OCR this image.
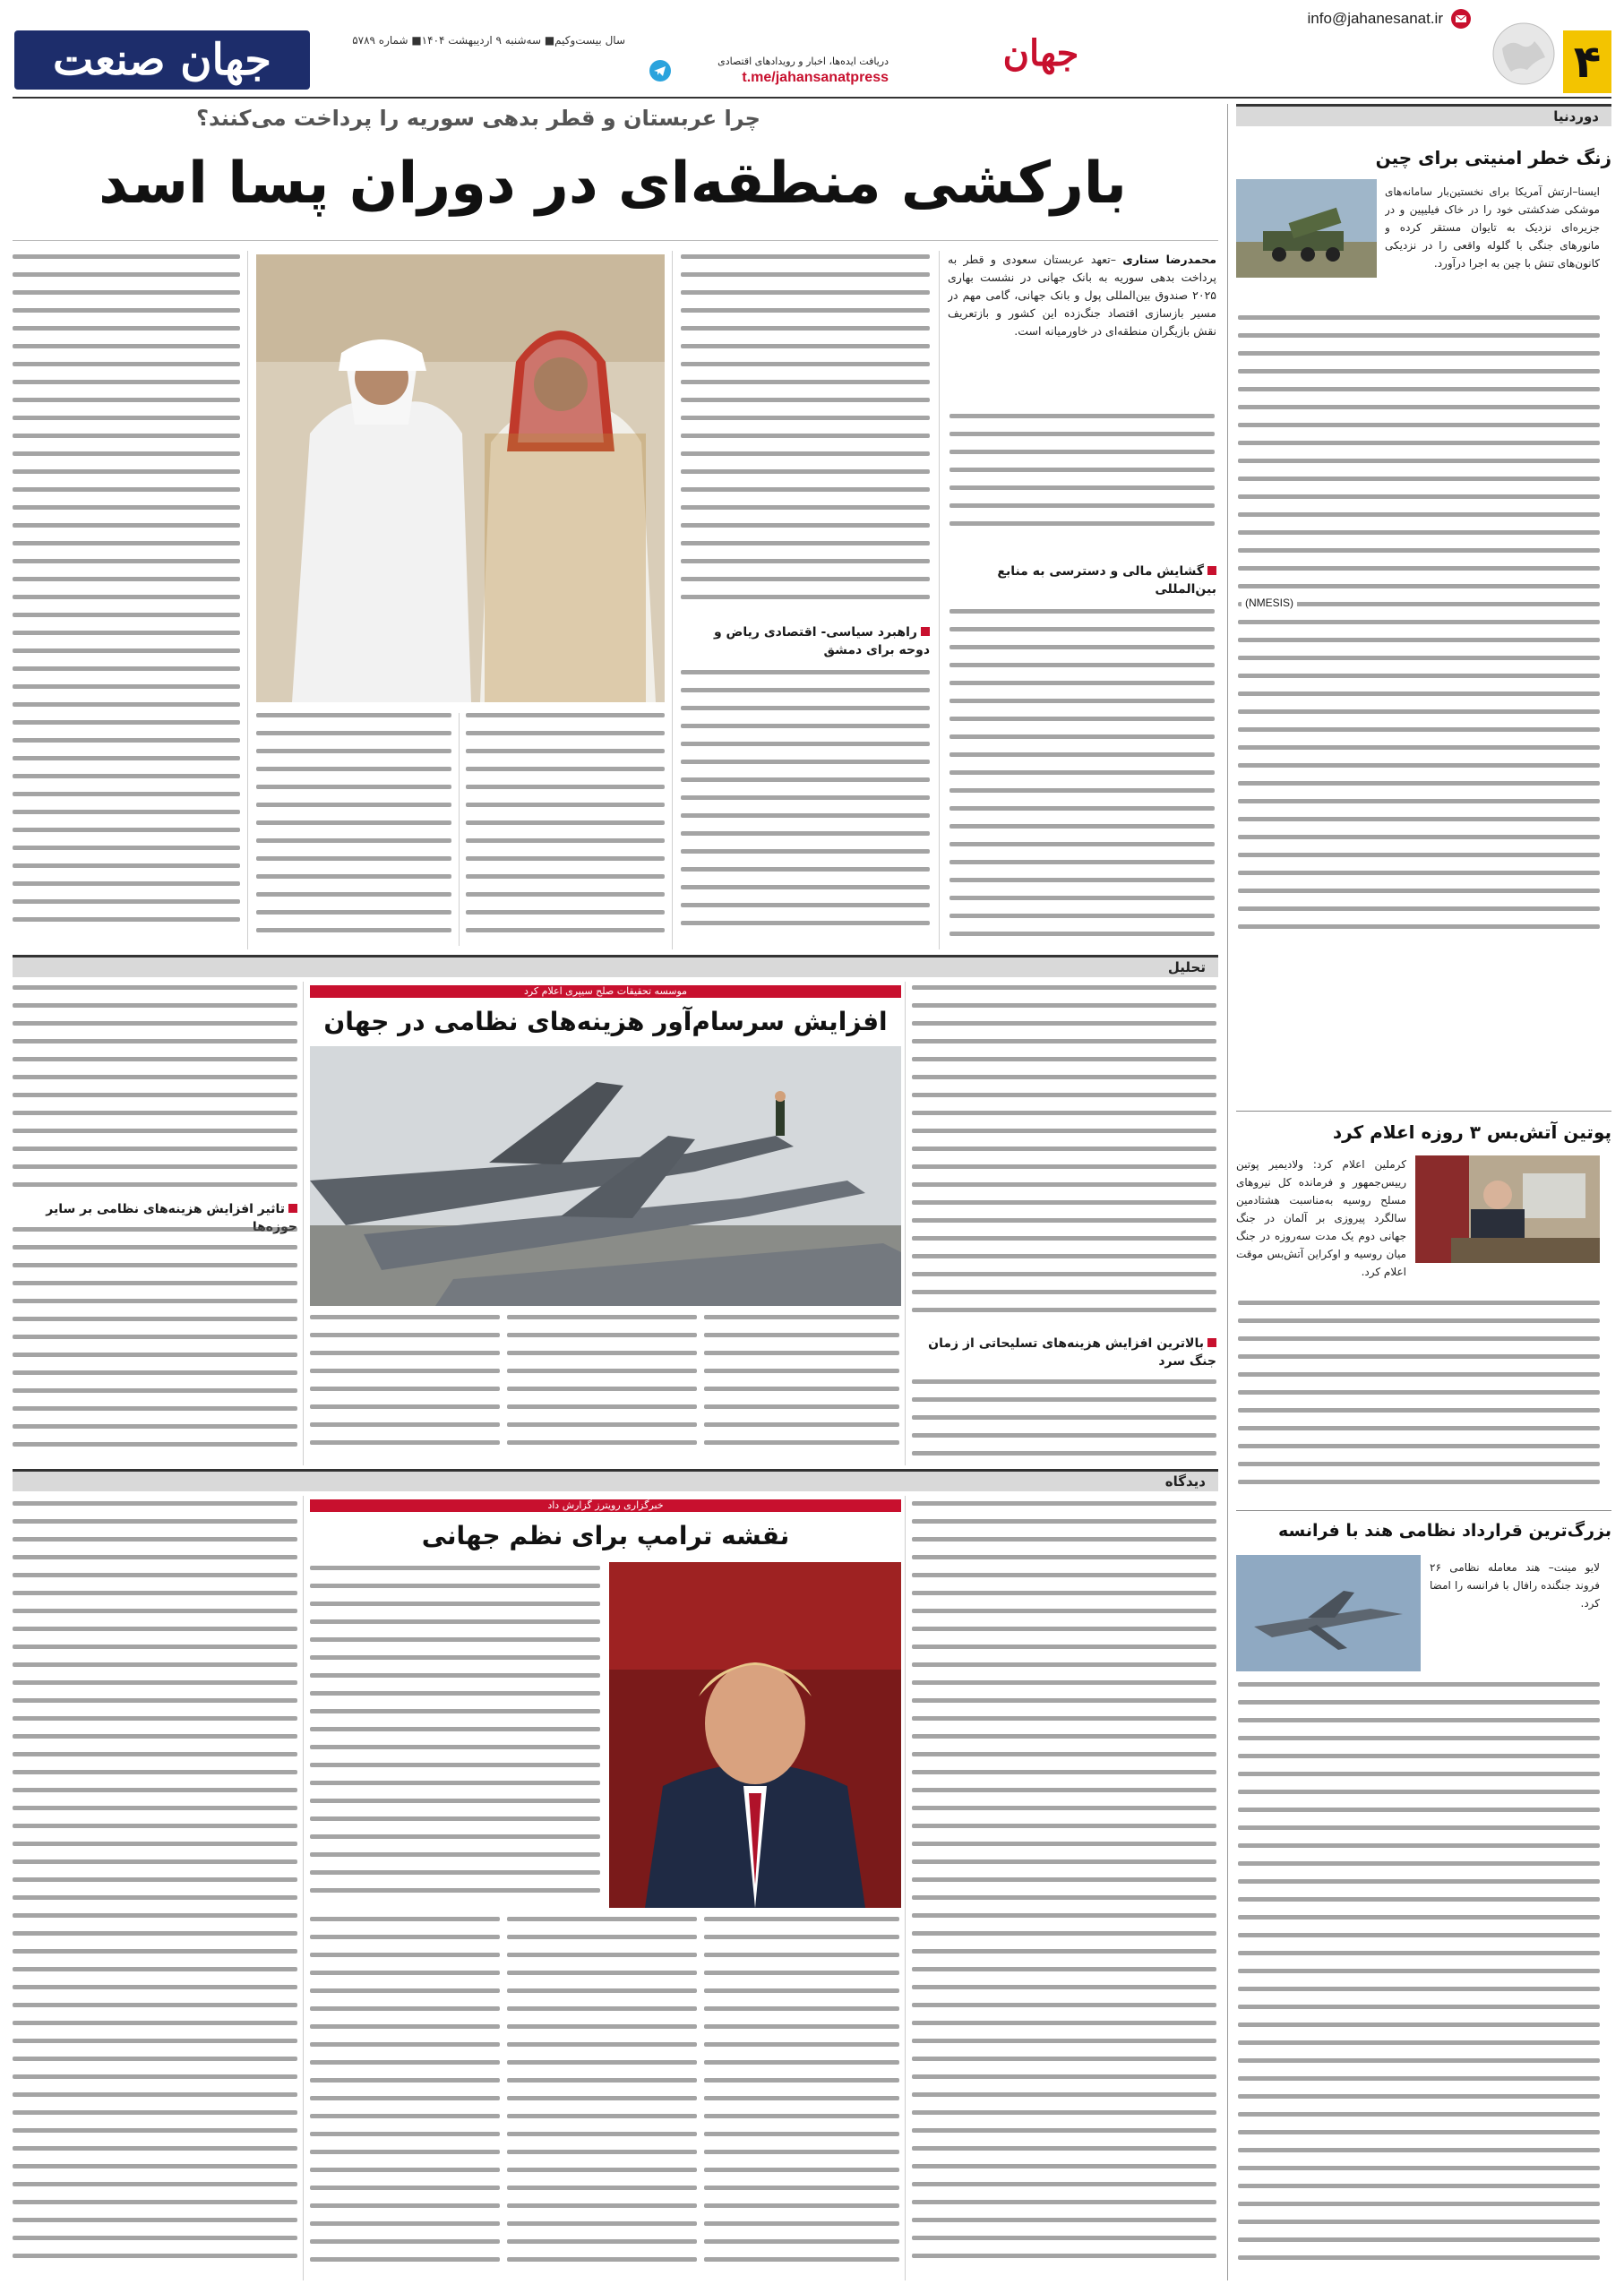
۴
info@jahanesanat.ir
جهان
دریافت ایده‌ها، اخبار و رویدادهای اقتصادی
t.me/jahansanatpress
سال بیست‌وکیم■ سه‌شنبه ۹ اردیبهشت ۱۴۰۴■ شماره ۵۷۸۹
جهان صنعت
دوردنیا
زنگ خطر امنیتی برای چین
ایسنا–ارتش آمریکا برای نخستین‌بار سامانه‌های موشکی ضدکشتی خود را در خاک فیلیپین و در جزیره‌ای نزدیک به تایوان مستقر کرده و مانورهای جنگی با گلوله واقعی را در نزدیکی کانون‌های تنش با چین به اجرا درآورد.
(NMESIS)
پوتین آتش‌بس ۳ روزه اعلام کرد
کرملین اعلام کرد: ولادیمیر پوتین رییس‌جمهور و فرمانده کل نیروهای مسلح روسیه به‌مناسبت هشتادمین سالگرد پیروزی بر آلمان در جنگ جهانی دوم یک مدت سه‌روزه در جنگ میان روسیه و اوکراین آتش‌بس موقت اعلام کرد.
بزرگ‌ترین قرارداد نظامی هند با فرانسه
لایو مینت– هند معامله نظامی ۲۶ فروند جنگنده رافال با فرانسه را امضا کرد.
چرا عربستان و قطر بدهی سوریه را پرداخت می‌کنند؟
بارکشی منطقه‌ای در دوران پسا اسد
محمدرضا ستاری –تعهد عربستان سعودی و قطر به پرداخت بدهی سوریه به بانک جهانی در نشست بهاری ۲۰۲۵ صندوق بین‌المللی پول و بانک جهانی، گامی مهم در مسیر بازسازی اقتصاد جنگ‌زده این کشور و بازتعریف نقش بازیگران منطقه‌ای در خاورمیانه است.
گشایش مالی و دسترسی به منابع بین‌المللی
راهبرد سیاسی- اقتصادی ریاض و دوحه برای دمشق
تحلیل
موسسه تحقیقات صلح سیپری اعلام کرد
افزایش سرسام‌آور هزینه‌های نظامی در جهان
بالاترین افزایش هزینه‌های تسلیحاتی از زمان جنگ سرد
تاثیر افزایش هزینه‌های نظامی بر سایر
دیدگاه
خبرگزاری رویترز گزارش داد
نقشه ترامپ برای نظم جهانی
